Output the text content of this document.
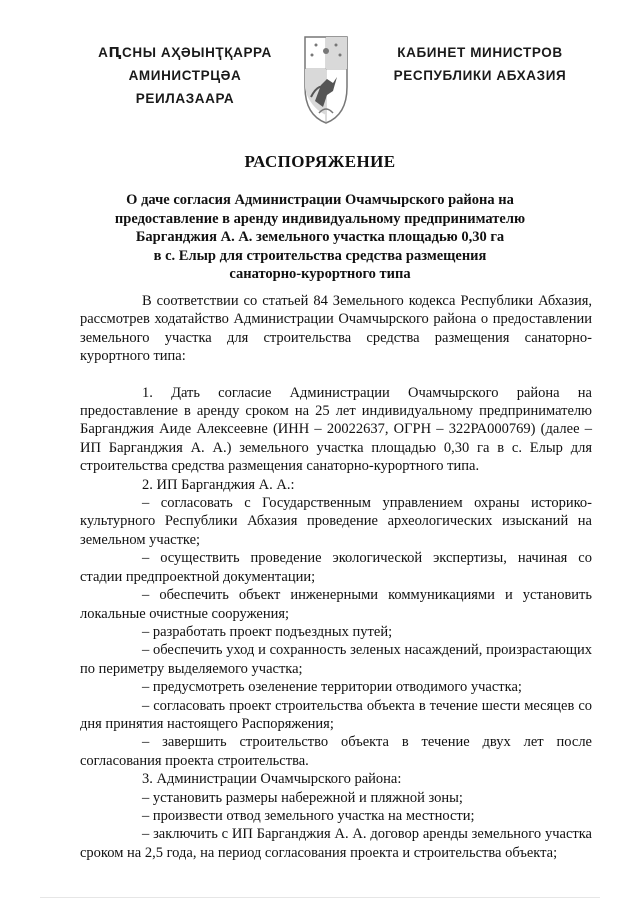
АԤСНЫ АҲӘЫНҬҚАРРА
АМИНИСТРЦӘА РЕИЛАЗААРА
КАБИНЕТ МИНИСТРОВ
РЕСПУБЛИКИ АБХАЗИЯ
РАСПОРЯЖЕНИЕ
О даче согласия Администрации Очамчырского района на
предоставление в аренду индивидуальному предпринимателю
Барганджия А. А. земельного участка площадью 0,30 га
в с. Елыр для строительства средства размещения
санаторно-курортного типа

В соответствии со статьей 84 Земельного кодекса Республики Абхазия, рассмотрев ходатайство Администрации Очамчырского района о предоставлении земельного участка для строительства средства размещения санаторно-курортного типа:

1. Дать согласие Администрации Очамчырского района на предоставление в аренду сроком на 25 лет индивидуальному предпринимателю Барганджия Аиде Алексеевне (ИНН – 20022637, ОГРН – 322РА000769) (далее – ИП Барганджия А. А.) земельного участка площадью 0,30 га в с. Елыр для строительства средства размещения санаторно-курортного типа.

2. ИП Барганджия А. А.:

– согласовать с Государственным управлением охраны историко-культурного Республики Абхазия проведение археологических изысканий на земельном участке;

– осуществить проведение экологической экспертизы, начиная со стадии предпроектной документации;

– обеспечить объект инженерными коммуникациями и установить локальные очистные сооружения;

– разработать проект подъездных путей;

– обеспечить уход и сохранность зеленых насаждений, произрастающих по периметру выделяемого участка;

– предусмотреть озеленение территории отводимого участка;

– согласовать проект строительства объекта в течение шести месяцев со дня принятия настоящего Распоряжения;

– завершить строительство объекта в течение двух лет после согласования проекта строительства.

3. Администрации Очамчырского района:

– установить размеры набережной и пляжной зоны;

– произвести отвод земельного участка на местности;

– заключить с ИП Барганджия А. А. договор аренды земельного участка сроком на 2,5 года, на период согласования проекта и строительства объекта;
